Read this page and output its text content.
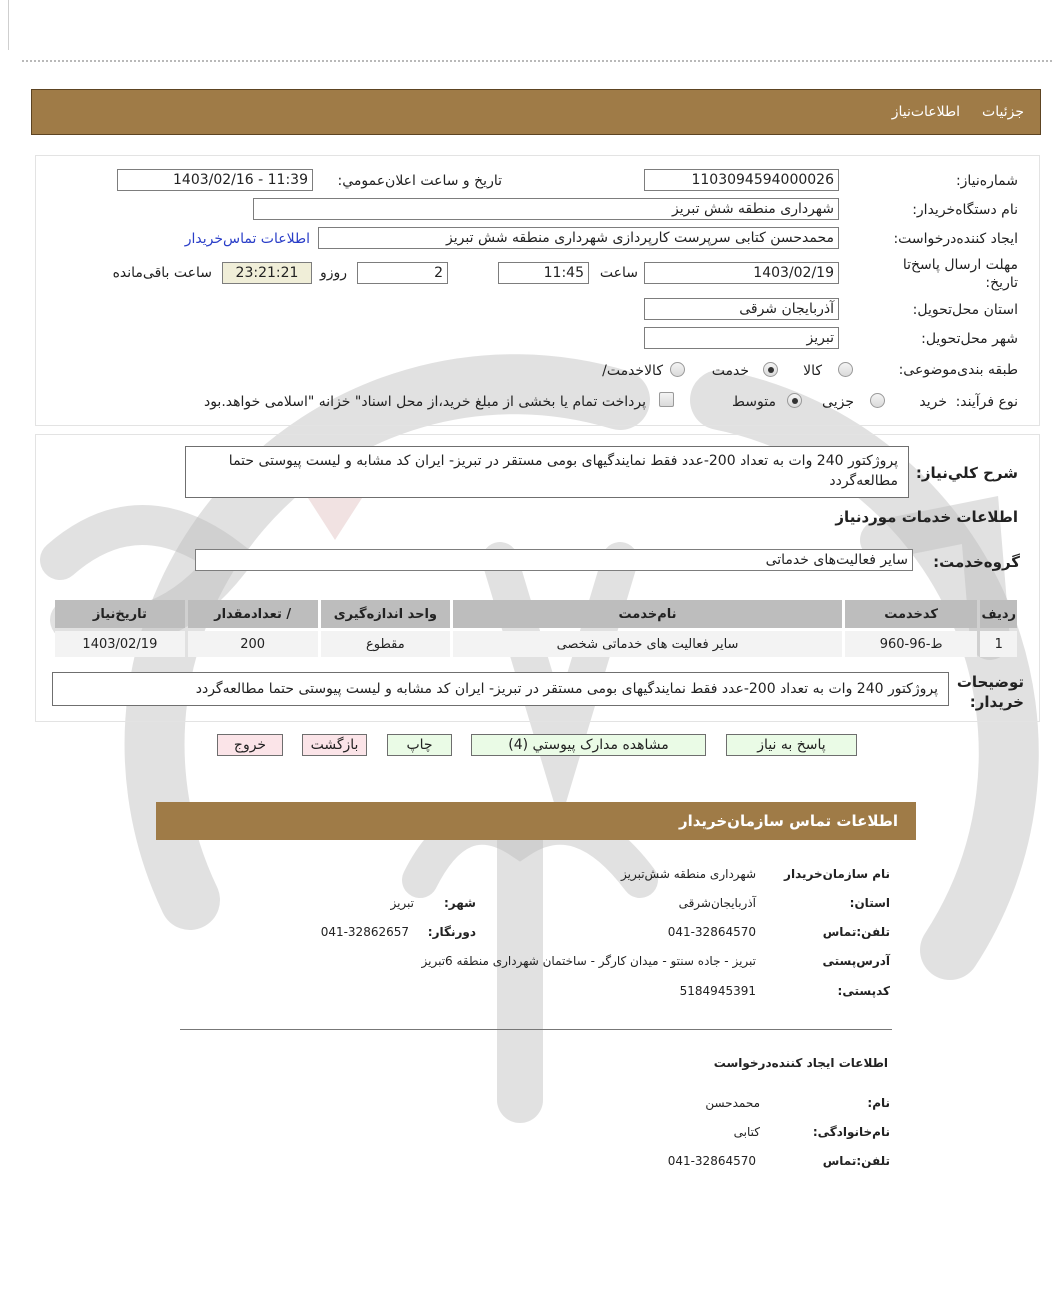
جزئیات
اطلاعات‌نیاز
شماره‌نیاز:
1103094594000026
تاریخ و ساعت اعلان‌عمومي:
1403/02/16 - 11:39
نام دستگاه‌خریدار:
شهرداری منطقه شش تبریز
ایجاد کننده‌درخواست:
محمدحسن کتابی سرپرست کارپردازی شهرداری منطقه شش تبریز
اطلاعات تماس‌خریدار
مهلت ارسال پاسخ‌تا تاریخ:
1403/02/19
ساعت
11:45
2
روزو
23:21:21
ساعت باقی‌مانده
استان محل‌تحویل:
آذربایجان شرقی
شهر محل‌تحویل:
تبریز
طبقه بندی‌موضوعی:
کالا
خدمت
کالا‌خدمت/
نوع فرآیند:
خرید
جزیی
متوسط
پرداخت تمام یا بخشی از مبلغ خرید،از محل اسناد" خزانه "اسلامی خواهد.بود
شرح کلي‌نیاز:
پروژکتور 240 وات به تعداد 200-عدد فقط نمایندگیهای بومی مستقر در تبریز- ایران کد مشابه و لیست پیوستی حتما مطالعه‌گردد
اطلاعات خدمات موردنیاز
گروه‌خدمت:
سایر فعالیت‌های خدماتی
ردیف	کدخدمت	نام‌خدمت	واحد اندازه‌گیری	/ تعدادمقدار	تاریخ‌نیاز
1	ط-96-960	سایر فعالیت های خدماتی شخصی	مقطوع	200	1403/02/19
توضیحات خریدار:
پروژکتور 240 وات به تعداد 200-عدد فقط نمایندگیهای بومی مستقر در تبریز- ایران کد مشابه و لیست پیوستی حتما مطالعه‌گردد
پاسخ به نیاز
مشاهده مدارک پیوستي (4)
چاپ
بازگشت
خروج
اطلاعات تماس سازمان‌خریدار
نام سازمان‌خریدار
شهرداری منطقه شش‌تبریز
استان:
آذربایجان‌شرقی
شهر:
تبریز
تلفن:تماس
041-32864570
دورنگار:
041-32862657
آدرس‌پستی
تبریز - جاده سنتو - میدان کارگر - ساختمان شهرداری منطقه 6تبریز
کدپستی:
5184945391
اطلاعات ایجاد کننده‌درخواست
نام:
محمدحسن
نام‌خانوادگی:
کتابی
تلفن:تماس
041-32864570
